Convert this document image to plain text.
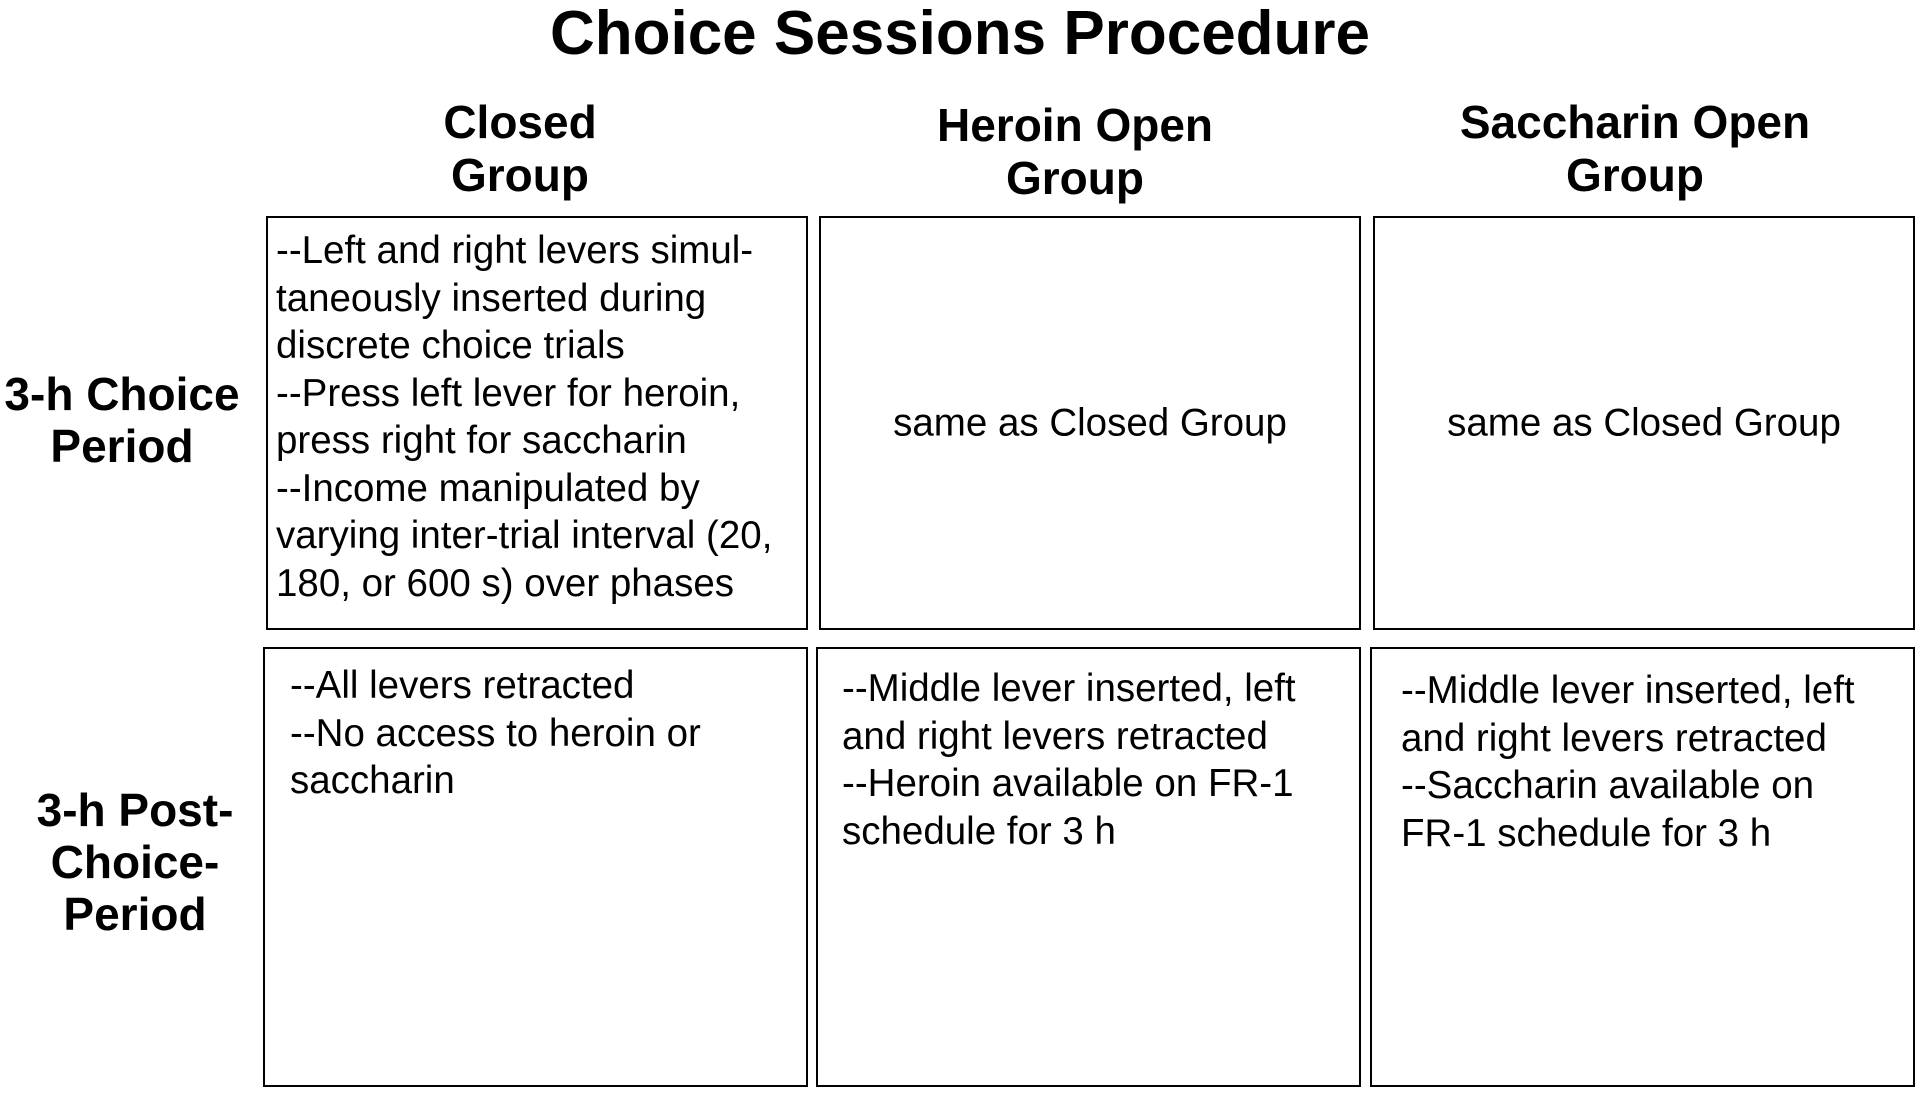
Choice Sessions Procedure
Closed
Group
Heroin Open
Group
Saccharin Open
Group
3-h Choice
Period
3-h Post-
Choice-
Period
--Left and right levers simul-
taneously inserted during
discrete choice trials
--Press left lever for heroin,
press right for saccharin
--Income manipulated by
varying inter-trial interval (20,
180, or 600 s) over phases
same as Closed Group	same as Closed Group
--All levers retracted
--No access to heroin or
saccharin
--Middle lever inserted, left
and right levers retracted
--Heroin available on FR-1
schedule for 3 h
--Middle lever inserted, left
and right levers retracted
--Saccharin available on
FR-1 schedule for 3 h
